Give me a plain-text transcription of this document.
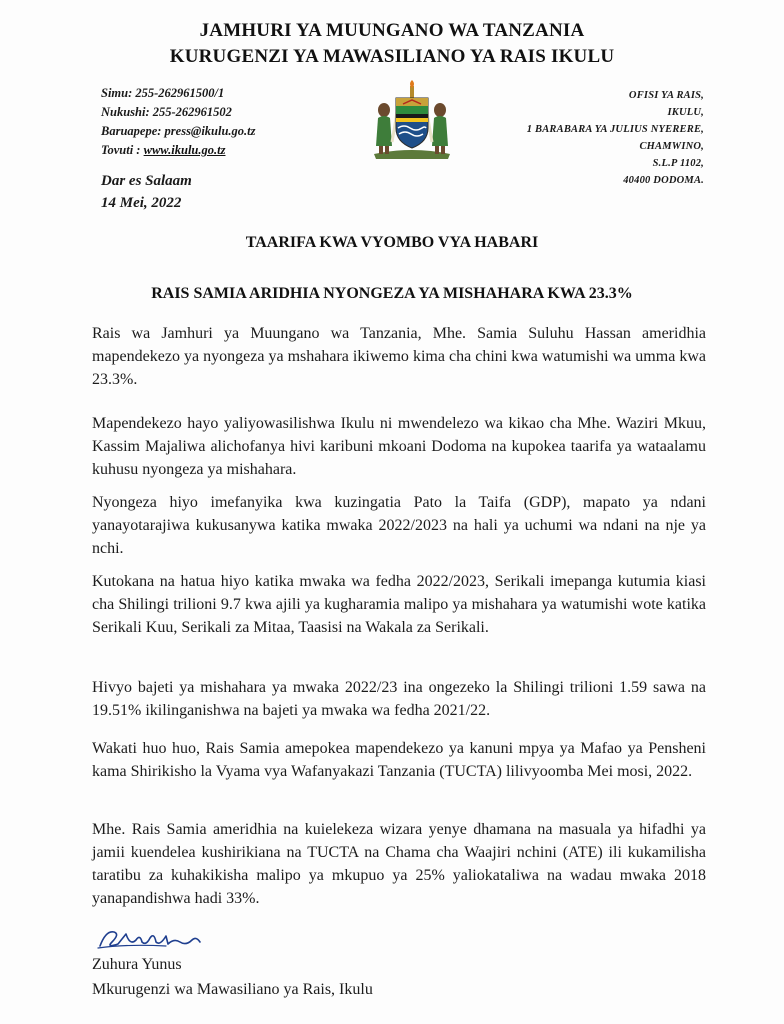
JAMHURI YA MUUNGANO WA TANZANIA
KURUGENZI YA MAWASILIANO YA RAIS IKULU
Simu: 255-262961500/1
Nukushi: 255-262961502
Baruapepe: press@ikulu.go.tz
Tovuti : www.ikulu.go.tz
OFISI YA RAIS,
IKULU,
1 BARABARA YA JULIUS NYERERE,
CHAMWINO,
S.L.P 1102,
40400 DODOMA.
Dar es Salaam
14 Mei, 2022
TAARIFA KWA VYOMBO VYA HABARI
RAIS SAMIA ARIDHIA NYONGEZA YA MISHAHARA KWA 23.3%
Rais wa Jamhuri ya Muungano wa Tanzania, Mhe. Samia Suluhu Hassan ameridhia mapendekezo ya nyongeza ya mshahara ikiwemo kima cha chini kwa watumishi wa umma kwa 23.3%.
Mapendekezo hayo yaliyowasilishwa Ikulu ni mwendelezo wa kikao cha Mhe. Waziri Mkuu, Kassim Majaliwa alichofanya hivi karibuni mkoani Dodoma na kupokea taarifa ya wataalamu kuhusu nyongeza ya mishahara.
Nyongeza hiyo imefanyika kwa kuzingatia Pato la Taifa (GDP), mapato ya ndani yanayotarajiwa kukusanywa katika mwaka 2022/2023 na hali ya uchumi wa ndani na nje ya nchi.
Kutokana na hatua hiyo katika mwaka wa fedha 2022/2023, Serikali imepanga kutumia kiasi cha Shilingi trilioni 9.7 kwa ajili ya kugharamia malipo ya mishahara ya watumishi wote katika Serikali Kuu, Serikali za Mitaa, Taasisi na Wakala za Serikali.
Hivyo bajeti ya mishahara ya mwaka 2022/23 ina ongezeko la Shilingi trilioni 1.59 sawa na 19.51% ikilinganishwa na bajeti ya mwaka wa fedha 2021/22.
Wakati huo huo, Rais Samia amepokea mapendekezo ya kanuni mpya ya Mafao ya Pensheni kama Shirikisho la Vyama vya Wafanyakazi Tanzania (TUCTA) lilivyoomba Mei mosi, 2022.
Mhe. Rais Samia ameridhia na kuielekeza wizara yenye dhamana na masuala ya hifadhi ya jamii kuendelea kushirikiana na TUCTA na Chama cha Waajiri nchini (ATE) ili kukamilisha taratibu za kuhakikisha malipo ya mkupuo ya 25% yaliokataliwa na wadau mwaka 2018 yanapandishwa hadi 33%.
Zuhura Yunus
Mkurugenzi wa Mawasiliano ya Rais, Ikulu
